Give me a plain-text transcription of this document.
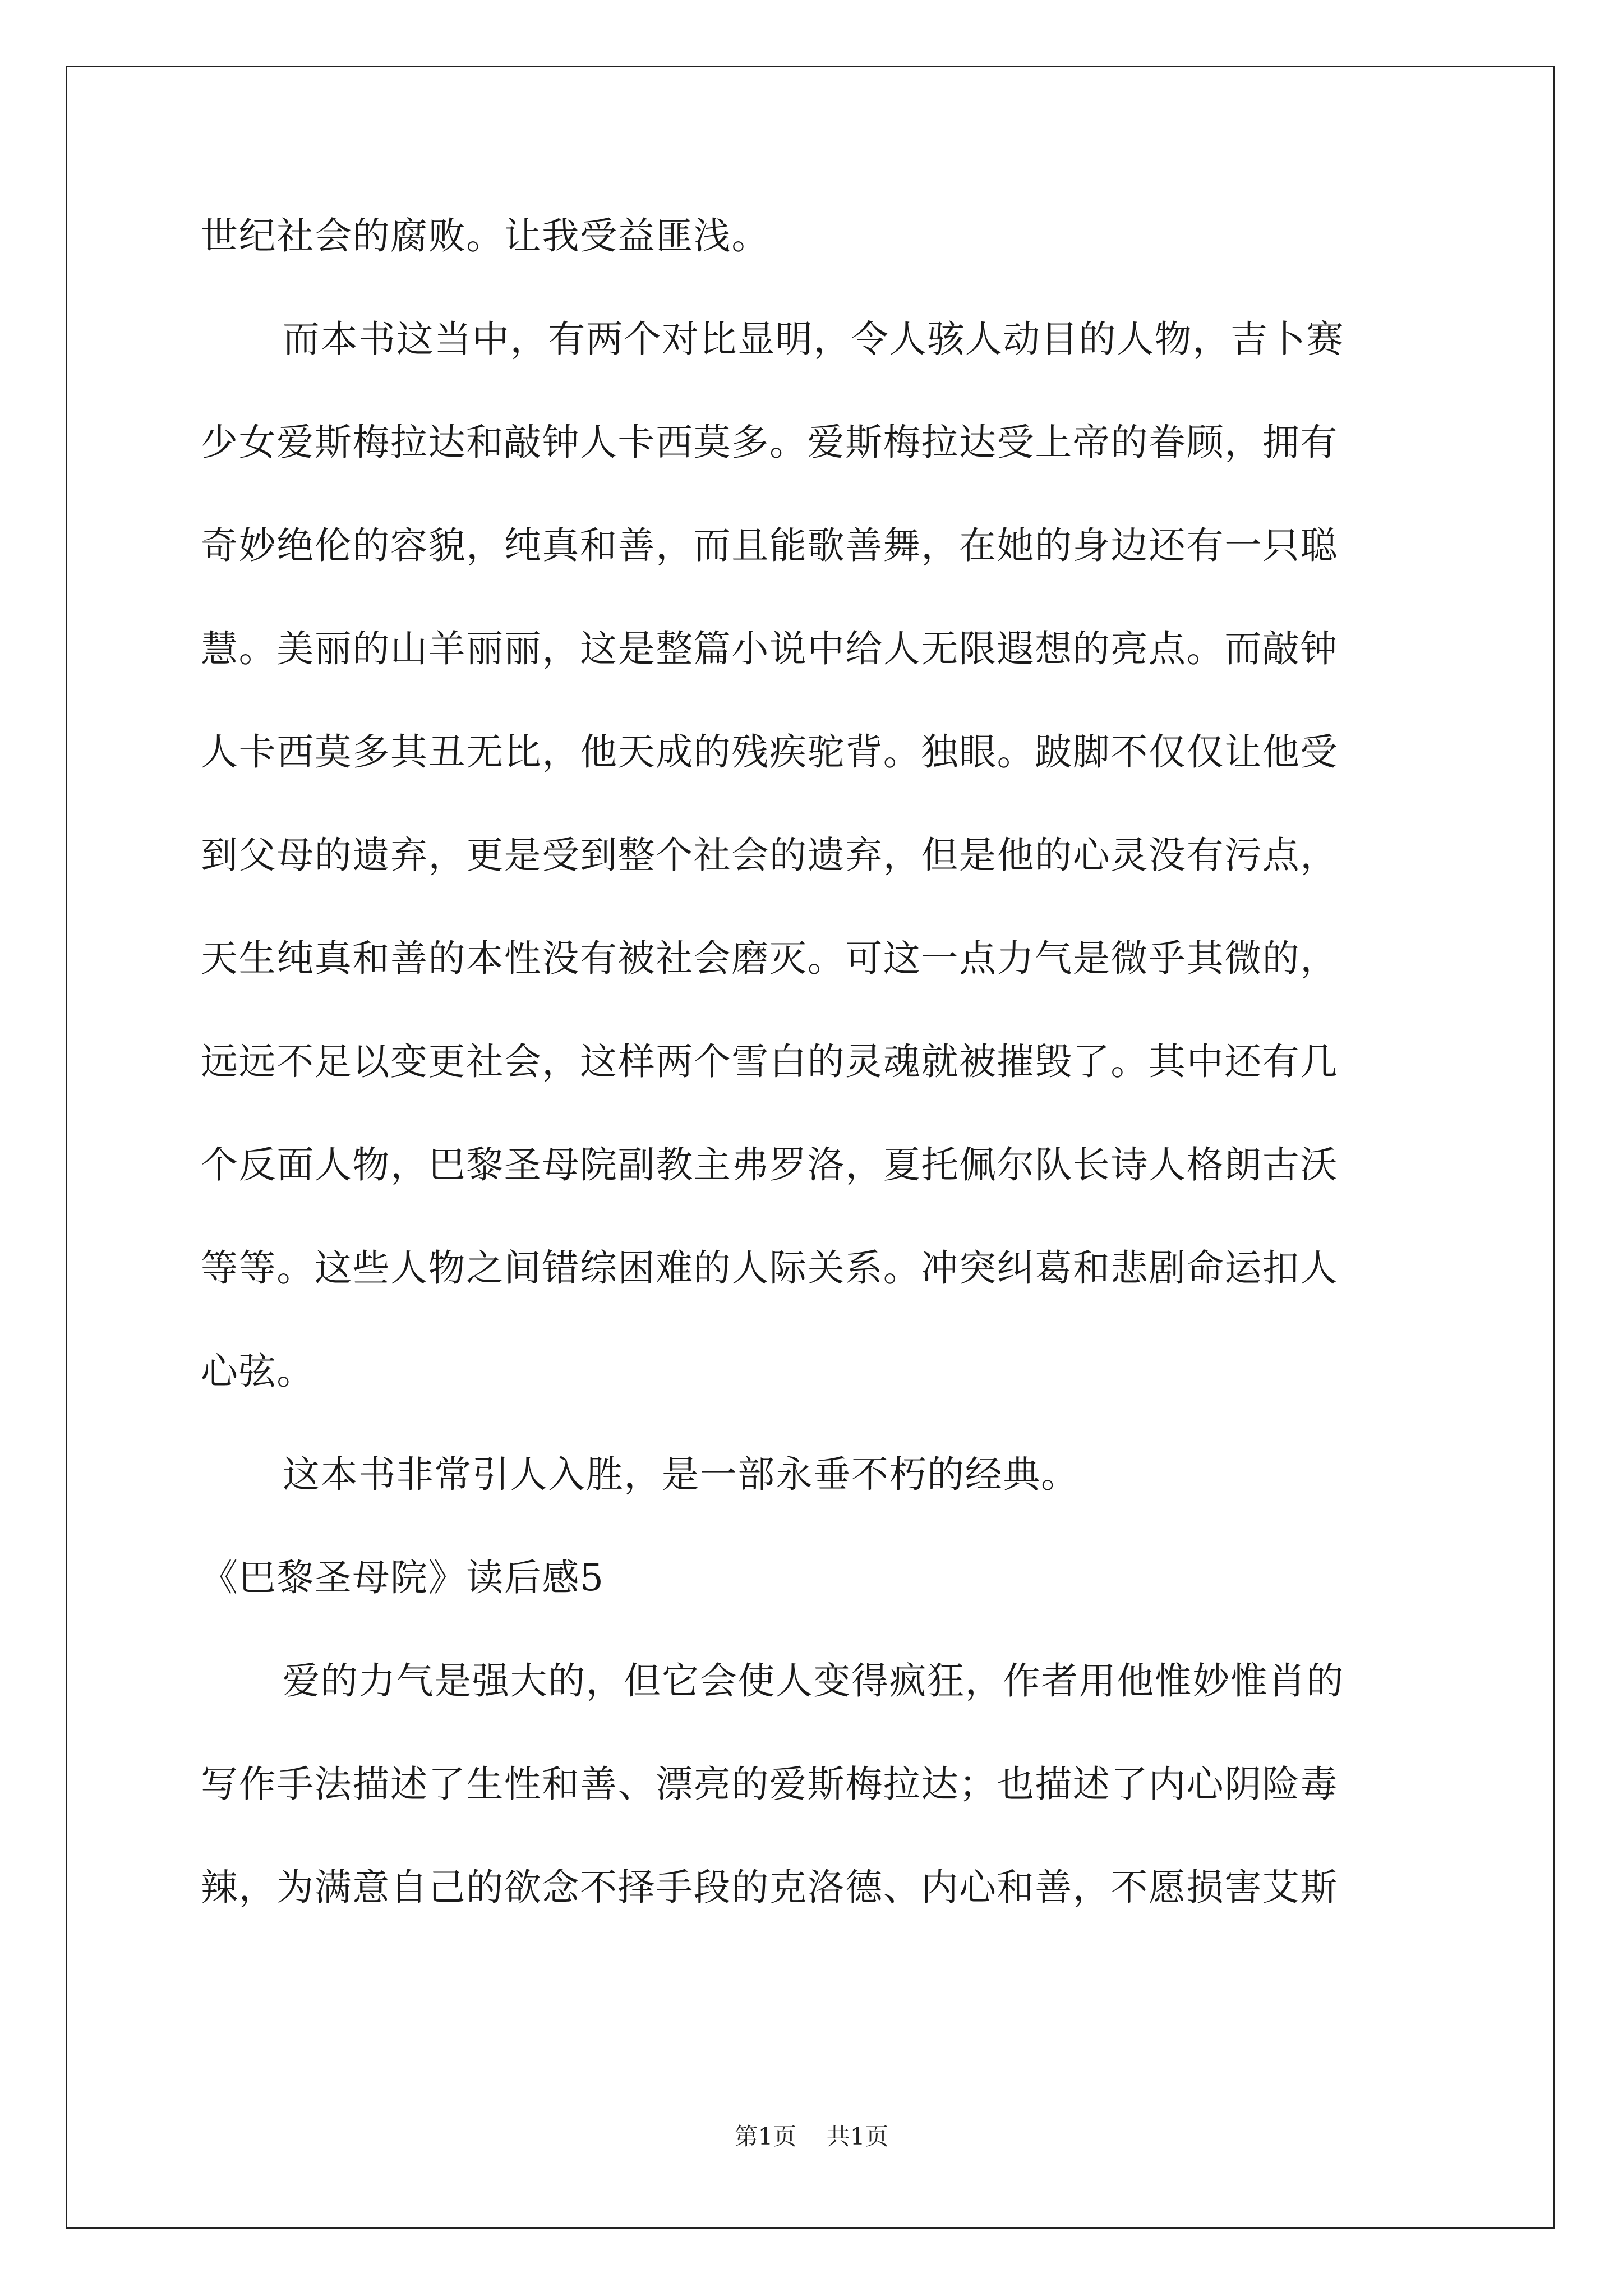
世纪社会的腐败。让我受益匪浅。

而本书这当中，有两个对比显明，令人骇人动目的人物，吉卜赛

少女爱斯梅拉达和敲钟人卡西莫多。爱斯梅拉达受上帝的眷顾，拥有

奇妙绝伦的容貌，纯真和善，而且能歌善舞，在她的身边还有一只聪

慧。美丽的山羊丽丽，这是整篇小说中给人无限遐想的亮点。而敲钟

人卡西莫多其丑无比，他天成的残疾驼背。独眼。跛脚不仅仅让他受

到父母的遗弃，更是受到整个社会的遗弃，但是他的心灵没有污点，

天生纯真和善的本性没有被社会磨灭。可这一点力气是微乎其微的，

远远不足以变更社会，这样两个雪白的灵魂就被摧毁了。其中还有几

个反面人物，巴黎圣母院副教主弗罗洛，夏托佩尔队长诗人格朗古沃

等等。这些人物之间错综困难的人际关系。冲突纠葛和悲剧命运扣人

心弦。

这本书非常引人入胜，是一部永垂不朽的经典。

《巴黎圣母院》读后感5

爱的力气是强大的，但它会使人变得疯狂，作者用他惟妙惟肖的

写作手法描述了生性和善、漂亮的爱斯梅拉达；也描述了内心阴险毒

辣，为满意自己的欲念不择手段的克洛德、内心和善，不愿损害艾斯

第1页 共1页
